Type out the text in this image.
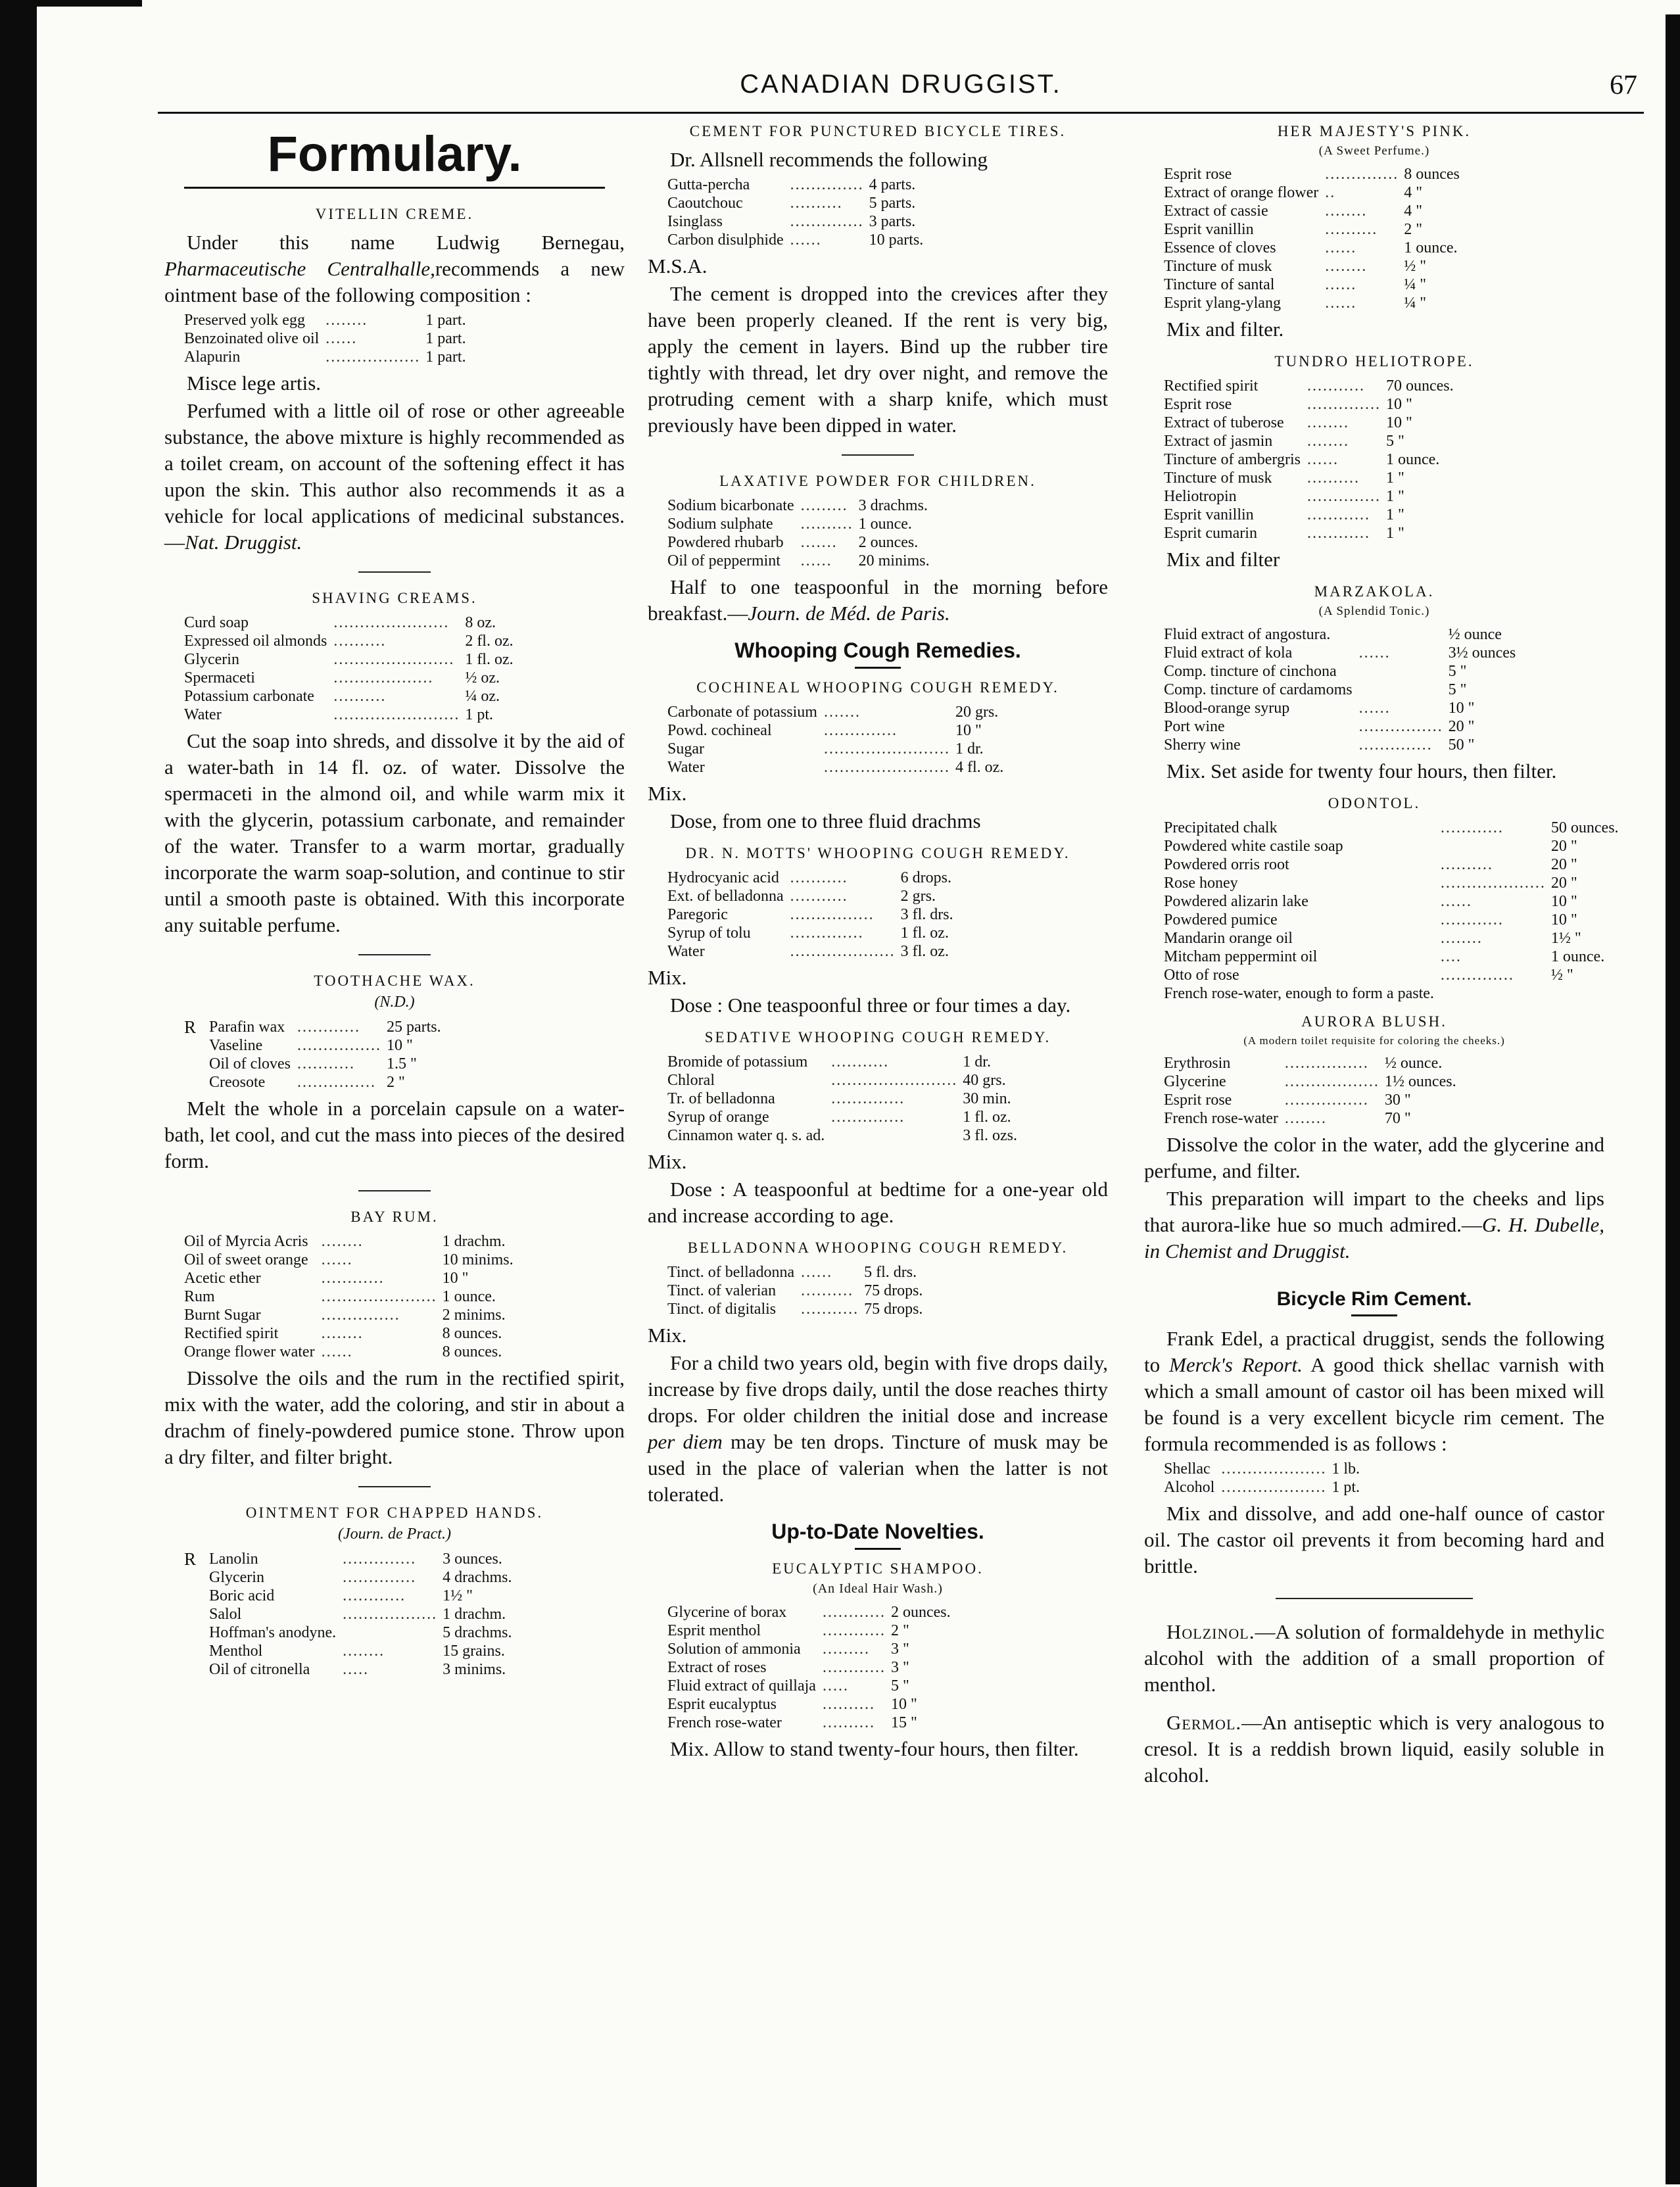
CANADIAN DRUGGIST.	67
Formulary.
VITELLIN CREME.

Under this name Ludwig Bernegau, Pharmaceutische Centralhalle,recommends a new ointment base of the following composition :

Preserved yolk egg	........	1 part.
Benzoinated olive oil	......	1 part.
Alapurin	..................	1 part.

Misce lege artis.

Perfumed with a little oil of rose or other agreeable substance, the above mixture is highly recommended as a toilet cream, on account of the softening effect it has upon the skin. This author also recommends it as a vehicle for local applications of medicinal substances.—Nat. Druggist.

SHAVING CREAMS.
Curd soap	......................	8 oz.
Expressed oil almonds	..........	2 fl. oz.
Glycerin	.......................	1 fl. oz.
Spermaceti	...................	½ oz.
Potassium carbonate	..........	¼ oz.
Water	........................	1 pt.

Cut the soap into shreds, and dissolve it by the aid of a water-bath in 14 fl. oz. of water. Dissolve the spermaceti in the almond oil, and while warm mix it with the glycerin, potassium carbonate, and remainder of the water. Transfer to a warm mortar, gradually incorporate the warm soap-solution, and continue to stir until a smooth paste is obtained. With this incorporate any suitable perfume.

TOOTHACHE WAX.
(N.D.)
R	Parafin wax	............	25 parts.
	Vaseline	................	10 "
	Oil of cloves	...........	1.5 "
	Creosote	...............	2 "

Melt the whole in a porcelain capsule on a water-bath, let cool, and cut the mass into pieces of the desired form.

BAY RUM.
Oil of Myrcia Acris	........	1 drachm.
Oil of sweet orange	......	10 minims.
Acetic ether	............	10 "
Rum	......................	1 ounce.
Burnt Sugar	...............	2 minims.
Rectified spirit	........	8 ounces.
Orange flower water	......	8 ounces.

Dissolve the oils and the rum in the rectified spirit, mix with the water, add the coloring, and stir in about a drachm of finely-powdered pumice stone. Throw upon a dry filter, and filter bright.

OINTMENT FOR CHAPPED HANDS.
(Journ. de Pract.)
R	Lanolin	..............	3 ounces.
	Glycerin	..............	4 drachms.
	Boric acid	............	1½ "
	Salol	..................	1 drachm.
	Hoffman's anodyne.		5 drachms.
	Menthol	........	15 grains.
	Oil of citronella	.....	3 minims.
CEMENT FOR PUNCTURED BICYCLE TIRES.

Dr. Allsnell recommends the following

Gutta-percha	..............	4 parts.
Caoutchouc	..........	5 parts.
Isinglass	..............	3 parts.
Carbon disulphide	......	10 parts.

M.S.A.

The cement is dropped into the crevices after they have been properly cleaned. If the rent is very big, apply the cement in layers. Bind up the rubber tire tightly with thread, let dry over night, and remove the protruding cement with a sharp knife, which must previously have been dipped in water.

LAXATIVE POWDER FOR CHILDREN.
Sodium bicarbonate	.........	3 drachms.
Sodium sulphate	..........	1 ounce.
Powdered rhubarb	.......	2 ounces.
Oil of peppermint	......	20 minims.

Half to one teaspoonful in the morning before breakfast.—Journ. de Méd. de Paris.

Whooping Cough Remedies.
COCHINEAL WHOOPING COUGH REMEDY.
Carbonate of potassium	.......	20 grs.
Powd. cochineal	..............	10 "
Sugar	........................	1 dr.
Water	........................	4 fl. oz.

Mix.

Dose, from one to three fluid drachms

DR. N. MOTTS' WHOOPING COUGH REMEDY.
Hydrocyanic acid	...........	6 drops.
Ext. of belladonna	...........	2 grs.
Paregoric	................	3 fl. drs.
Syrup of tolu	..............	1 fl. oz.
Water	....................	3 fl. oz.

Mix.

Dose : One teaspoonful three or four times a day.

SEDATIVE WHOOPING COUGH REMEDY.
Bromide of potassium	...........	1 dr.
Chloral	........................	40 grs.
Tr. of belladonna	..............	30 min.
Syrup of orange	..............	1 fl. oz.
Cinnamon water q. s. ad.		3 fl. ozs.

Mix.

Dose : A teaspoonful at bedtime for a one-year old and increase according to age.

BELLADONNA WHOOPING COUGH REMEDY.
Tinct. of belladonna	......	5 fl. drs.
Tinct. of valerian	..........	75 drops.
Tinct. of digitalis	...........	75 drops.

Mix.

For a child two years old, begin with five drops daily, increase by five drops daily, until the dose reaches thirty drops. For older children the initial dose and increase per diem may be ten drops. Tincture of musk may be used in the place of valerian when the latter is not tolerated.

Up-to-Date Novelties.
EUCALYPTIC SHAMPOO.
(An Ideal Hair Wash.)
Glycerine of borax	............	2 ounces.
Esprit menthol	............	2 "
Solution of ammonia	.........	3 "
Extract of roses	............	3 "
Fluid extract of quillaja	.....	5 "
Esprit eucalyptus	..........	10 "
French rose-water	..........	15 "

Mix. Allow to stand twenty-four hours, then filter.

HER MAJESTY'S PINK.
(A Sweet Perfume.)
Esprit rose	..............	8 ounces
Extract of orange flower	..	4 "
Extract of cassie	........	4 "
Esprit vanillin	..........	2 "
Essence of cloves	......	1 ounce.
Tincture of musk	........	½ "
Tincture of santal	......	¼ "
Esprit ylang-ylang	......	¼ "

Mix and filter.

TUNDRO HELIOTROPE.
Rectified spirit	...........	70 ounces.
Esprit rose	..............	10 "
Extract of tuberose	........	10 "
Extract of jasmin	........	5 "
Tincture of ambergris	......	1 ounce.
Tincture of musk	..........	1 "
Heliotropin	..............	1 "
Esprit vanillin	............	1 "
Esprit cumarin	............	1 "

Mix and filter

MARZAKOLA.
(A Splendid Tonic.)
Fluid extract of angostura.		½ ounce
Fluid extract of kola	......	3½ ounces
Comp. tincture of cinchona		5 "
Comp. tincture of cardamoms		5 "
Blood-orange syrup	......	10 "
Port wine	................	20 "
Sherry wine	..............	50 "

Mix. Set aside for twenty four hours, then filter.

ODONTOL.
Precipitated chalk	............	50 ounces.
Powdered white castile soap		20 "
Powdered orris root	..........	20 "
Rose honey	....................	20 "
Powdered alizarin lake	......	10 "
Powdered pumice	............	10 "
Mandarin orange oil	........	1½ "
Mitcham peppermint oil	....	1 ounce.
Otto of rose	..............	½ "
French rose-water, enough to form a paste.		
AURORA BLUSH.
(A modern toilet requisite for coloring the cheeks.)
Erythrosin	................	½ ounce.
Glycerine	..................	1½ ounces.
Esprit rose	................	30 "
French rose-water	........	70 "

Dissolve the color in the water, add the glycerine and perfume, and filter.

This preparation will impart to the cheeks and lips that aurora-like hue so much admired.—G. H. Dubelle, in Chemist and Druggist.

Bicycle Rim Cement.

Frank Edel, a practical druggist, sends the following to Merck's Report. A good thick shellac varnish with which a small amount of castor oil has been mixed will be found is a very excellent bicycle rim cement. The formula recommended is as follows :

Shellac	....................	1 lb.
Alcohol	....................	1 pt.

Mix and dissolve, and add one-half ounce of castor oil. The castor oil prevents it from becoming hard and brittle.

Holzinol.—A solution of formaldehyde in methylic alcohol with the addition of a small proportion of menthol.

Germol.—An antiseptic which is very analogous to cresol. It is a reddish brown liquid, easily soluble in alcohol.
